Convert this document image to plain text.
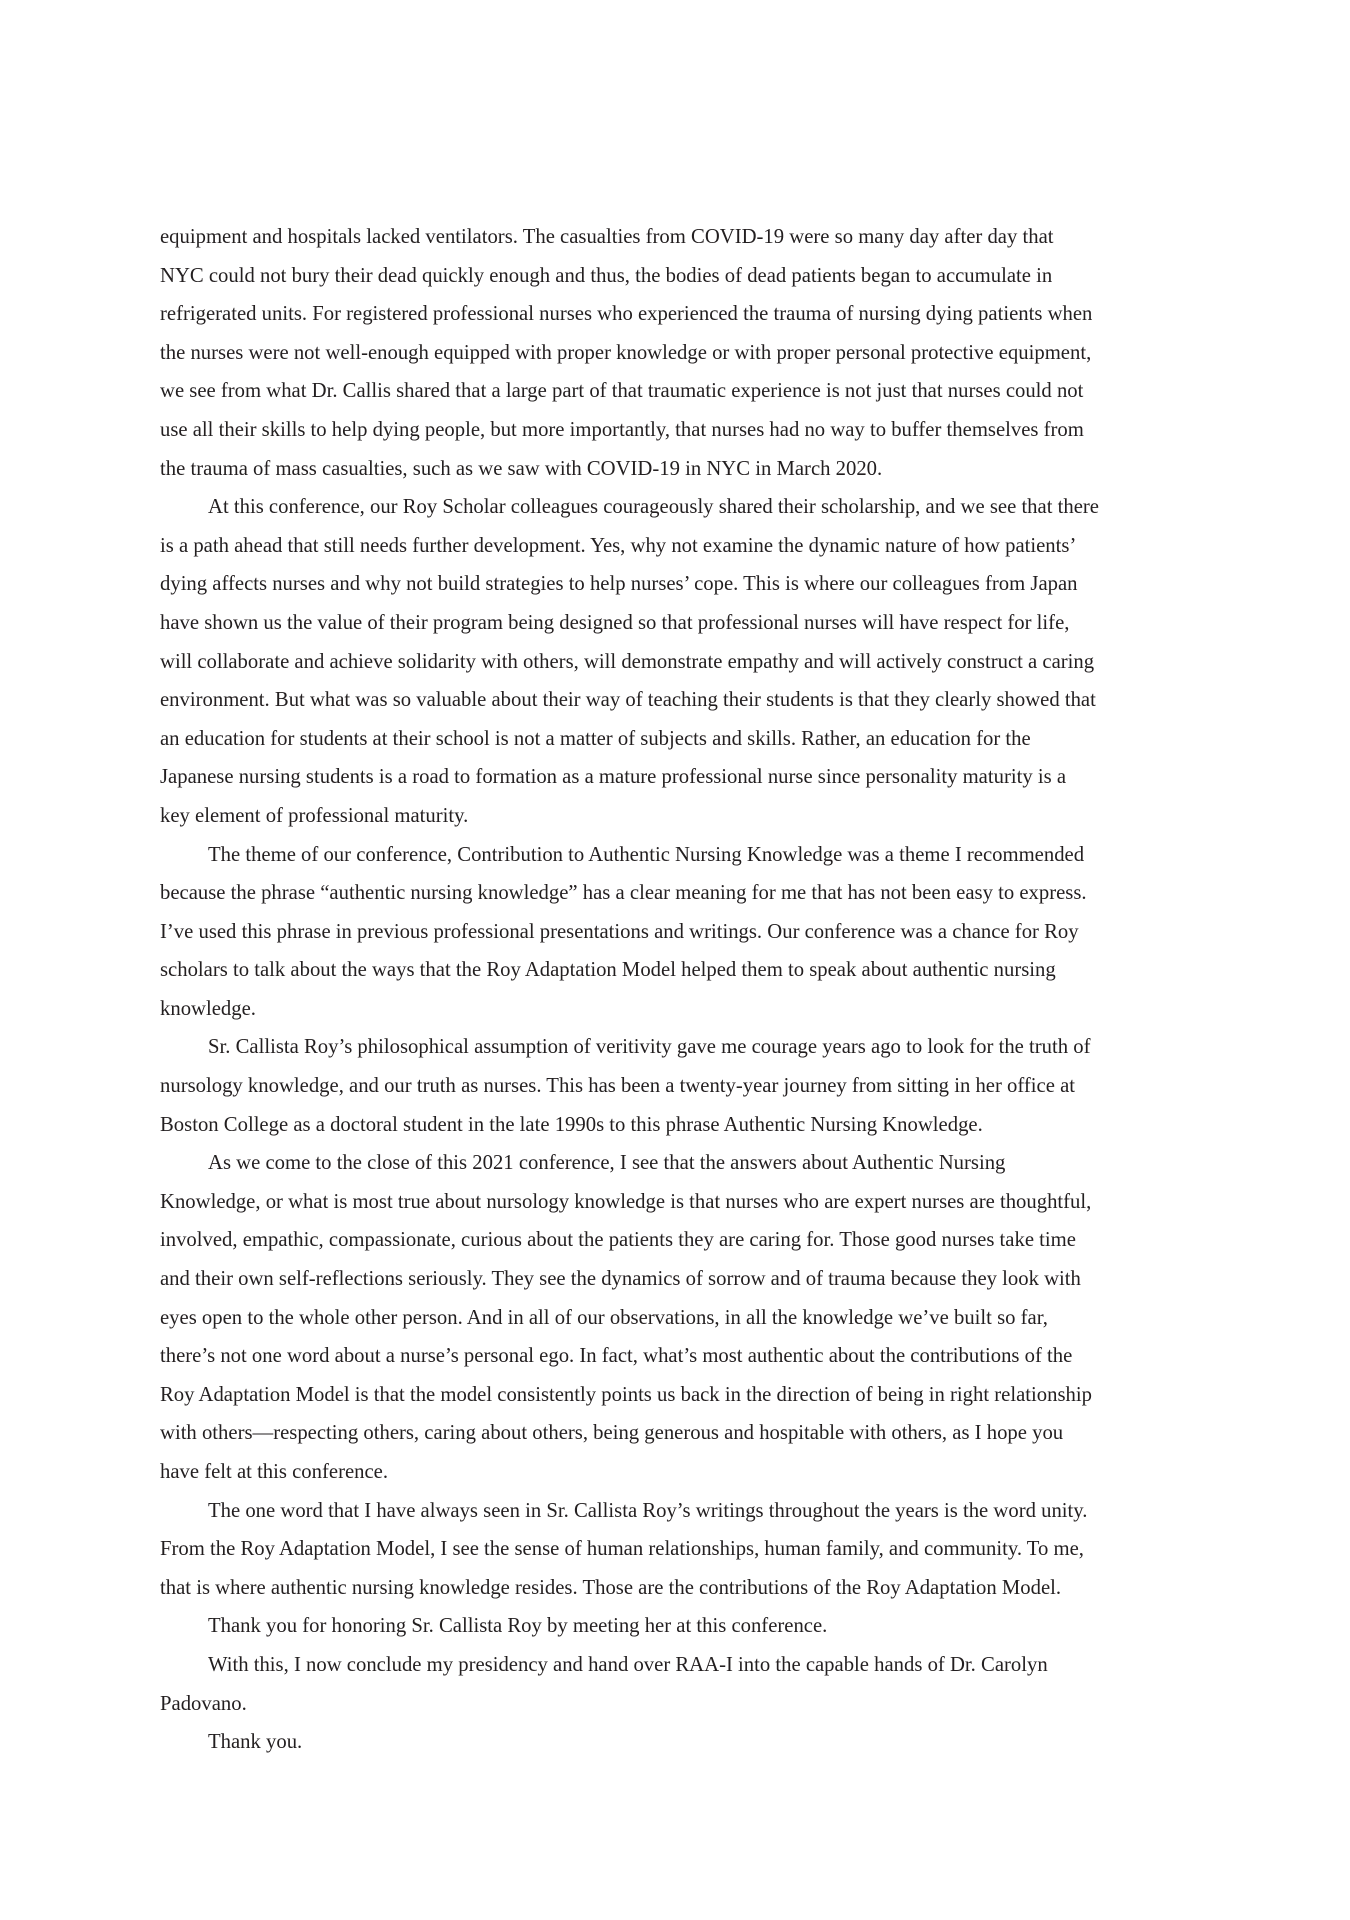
equipment and hospitals lacked ventilators. The casualties from COVID-19 were so many day after day that
NYC could not bury their dead quickly enough and thus, the bodies of dead patients began to accumulate in
refrigerated units. For registered professional nurses who experienced the trauma of nursing dying patients when
the nurses were not well-enough equipped with proper knowledge or with proper personal protective equipment,
we see from what Dr. Callis shared that a large part of that traumatic experience is not just that nurses could not
use all their skills to help dying people, but more importantly, that nurses had no way to buffer themselves from
the trauma of mass casualties, such as we saw with COVID-19 in NYC in March 2020.
At this conference, our Roy Scholar colleagues courageously shared their scholarship, and we see that there
is a path ahead that still needs further development. Yes, why not examine the dynamic nature of how patients’
dying affects nurses and why not build strategies to help nurses’ cope. This is where our colleagues from Japan
have shown us the value of their program being designed so that professional nurses will have respect for life,
will collaborate and achieve solidarity with others, will demonstrate empathy and will actively construct a caring
environment. But what was so valuable about their way of teaching their students is that they clearly showed that
an education for students at their school is not a matter of subjects and skills. Rather, an education for the
Japanese nursing students is a road to formation as a mature professional nurse since personality maturity is a
key element of professional maturity.
The theme of our conference, Contribution to Authentic Nursing Knowledge was a theme I recommended
because the phrase “authentic nursing knowledge” has a clear meaning for me that has not been easy to express.
I’ve used this phrase in previous professional presentations and writings. Our conference was a chance for Roy
scholars to talk about the ways that the Roy Adaptation Model helped them to speak about authentic nursing
knowledge.
Sr. Callista Roy’s philosophical assumption of veritivity gave me courage years ago to look for the truth of
nursology knowledge, and our truth as nurses. This has been a twenty-year journey from sitting in her office at
Boston College as a doctoral student in the late 1990s to this phrase Authentic Nursing Knowledge.
As we come to the close of this 2021 conference, I see that the answers about Authentic Nursing
Knowledge, or what is most true about nursology knowledge is that nurses who are expert nurses are thoughtful,
involved, empathic, compassionate, curious about the patients they are caring for. Those good nurses take time
and their own self-reflections seriously. They see the dynamics of sorrow and of trauma because they look with
eyes open to the whole other person. And in all of our observations, in all the knowledge we’ve built so far,
there’s not one word about a nurse’s personal ego. In fact, what’s most authentic about the contributions of the
Roy Adaptation Model is that the model consistently points us back in the direction of being in right relationship
with others—respecting others, caring about others, being generous and hospitable with others, as I hope you
have felt at this conference.
The one word that I have always seen in Sr. Callista Roy’s writings throughout the years is the word unity.
From the Roy Adaptation Model, I see the sense of human relationships, human family, and community. To me,
that is where authentic nursing knowledge resides. Those are the contributions of the Roy Adaptation Model.
Thank you for honoring Sr. Callista Roy by meeting her at this conference.
With this, I now conclude my presidency and hand over RAA-I into the capable hands of Dr. Carolyn
Padovano.
Thank you.
